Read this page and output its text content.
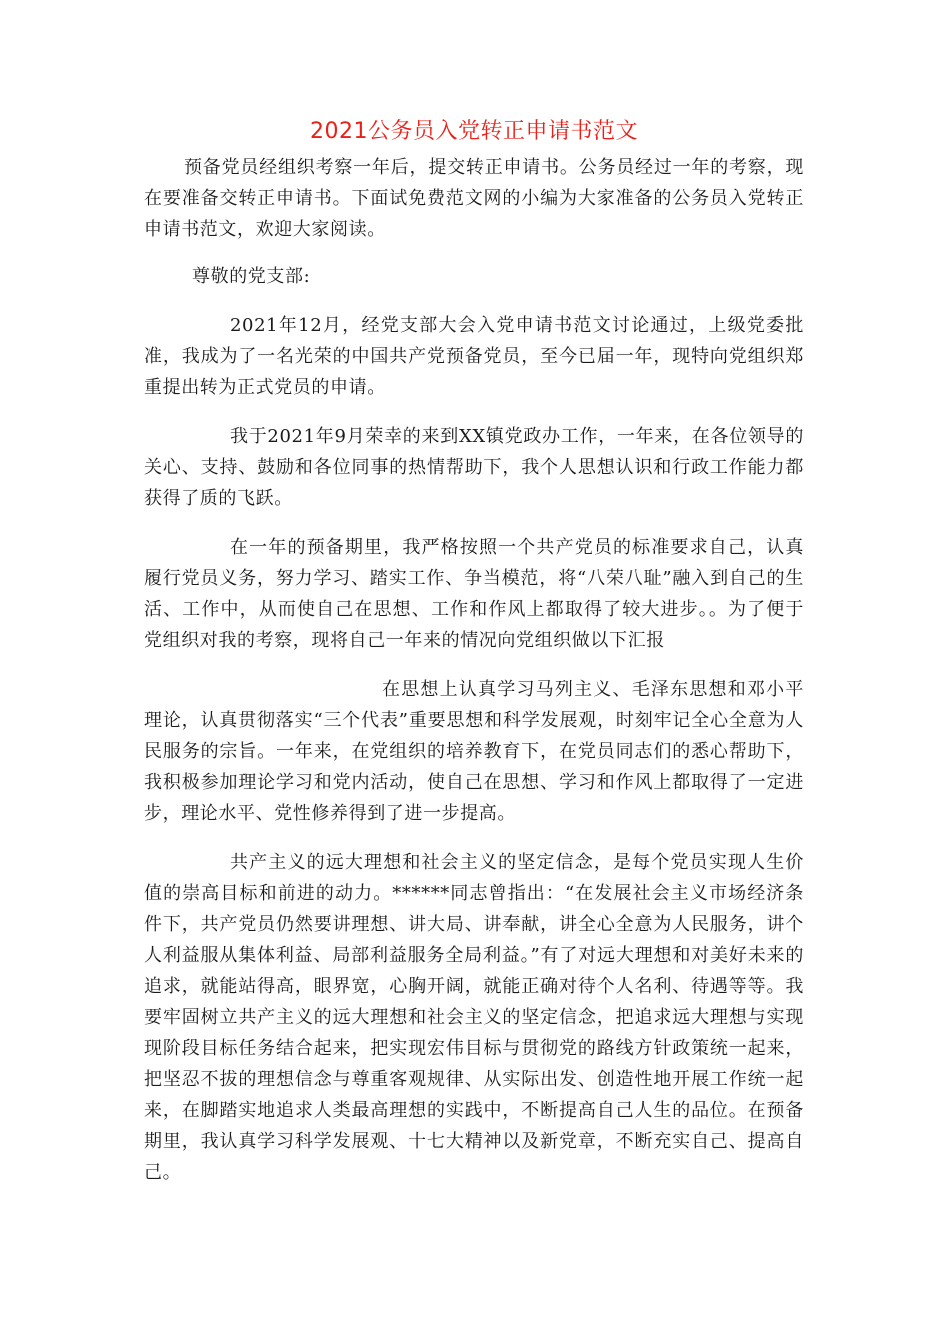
2021公务员入党转正申请书范文

预备党员经组织考察一年后，提交转正申请书。公务员经过一年的考察，现在要准备交转正申请书。下面试免费范文网的小编为大家准备的公务员入党转正申请书范文，欢迎大家阅读。

尊敬的党支部:

2021年12月，经党支部大会入党申请书范文讨论通过，上级党委批准，我成为了一名光荣的中国共产党预备党员，至今已届一年，现特向党组织郑重提出转为正式党员的申请。

我于2021年9月荣幸的来到XX镇党政办工作，一年来，在各位领导的关心、支持、鼓励和各位同事的热情帮助下，我个人思想认识和行政工作能力都获得了质的飞跃。

在一年的预备期里，我严格按照一个共产党员的标准要求自己，认真履行党员义务，努力学习、踏实工作、争当模范，将“八荣八耻”融入到自己的生活、工作中，从而使自己在思想、工作和作风上都取得了较大进步。。为了便于党组织对我的考察，现将自己一年来的情况向党组织做以下汇报

在思想上认真学习马列主义、毛泽东思想和邓小平理论，认真贯彻落实“三个代表”重要思想和科学发展观，时刻牢记全心全意为人民服务的宗旨。一年来，在党组织的培养教育下，在党员同志们的悉心帮助下，我积极参加理论学习和党内活动，使自己在思想、学习和作风上都取得了一定进步，理论水平、党性修养得到了进一步提高。

共产主义的远大理想和社会主义的坚定信念，是每个党员实现人生价值的崇高目标和前进的动力。******同志曾指出：“在发展社会主义市场经济条件下，共产党员仍然要讲理想、讲大局、讲奉献，讲全心全意为人民服务，讲个人利益服从集体利益、局部利益服务全局利益。”有了对远大理想和对美好未来的追求，就能站得高，眼界宽，心胸开阔，就能正确对待个人名利、待遇等等。我要牢固树立共产主义的远大理想和社会主义的坚定信念，把追求远大理想与实现现阶段目标任务结合起来，把实现宏伟目标与贯彻党的路线方针政策统一起来，把坚忍不拔的理想信念与尊重客观规律、从实际出发、创造性地开展工作统一起来，在脚踏实地追求人类最高理想的实践中，不断提高自己人生的品位。在预备期里，我认真学习科学发展观、十七大精神以及新党章，不断充实自己、提高自己。
